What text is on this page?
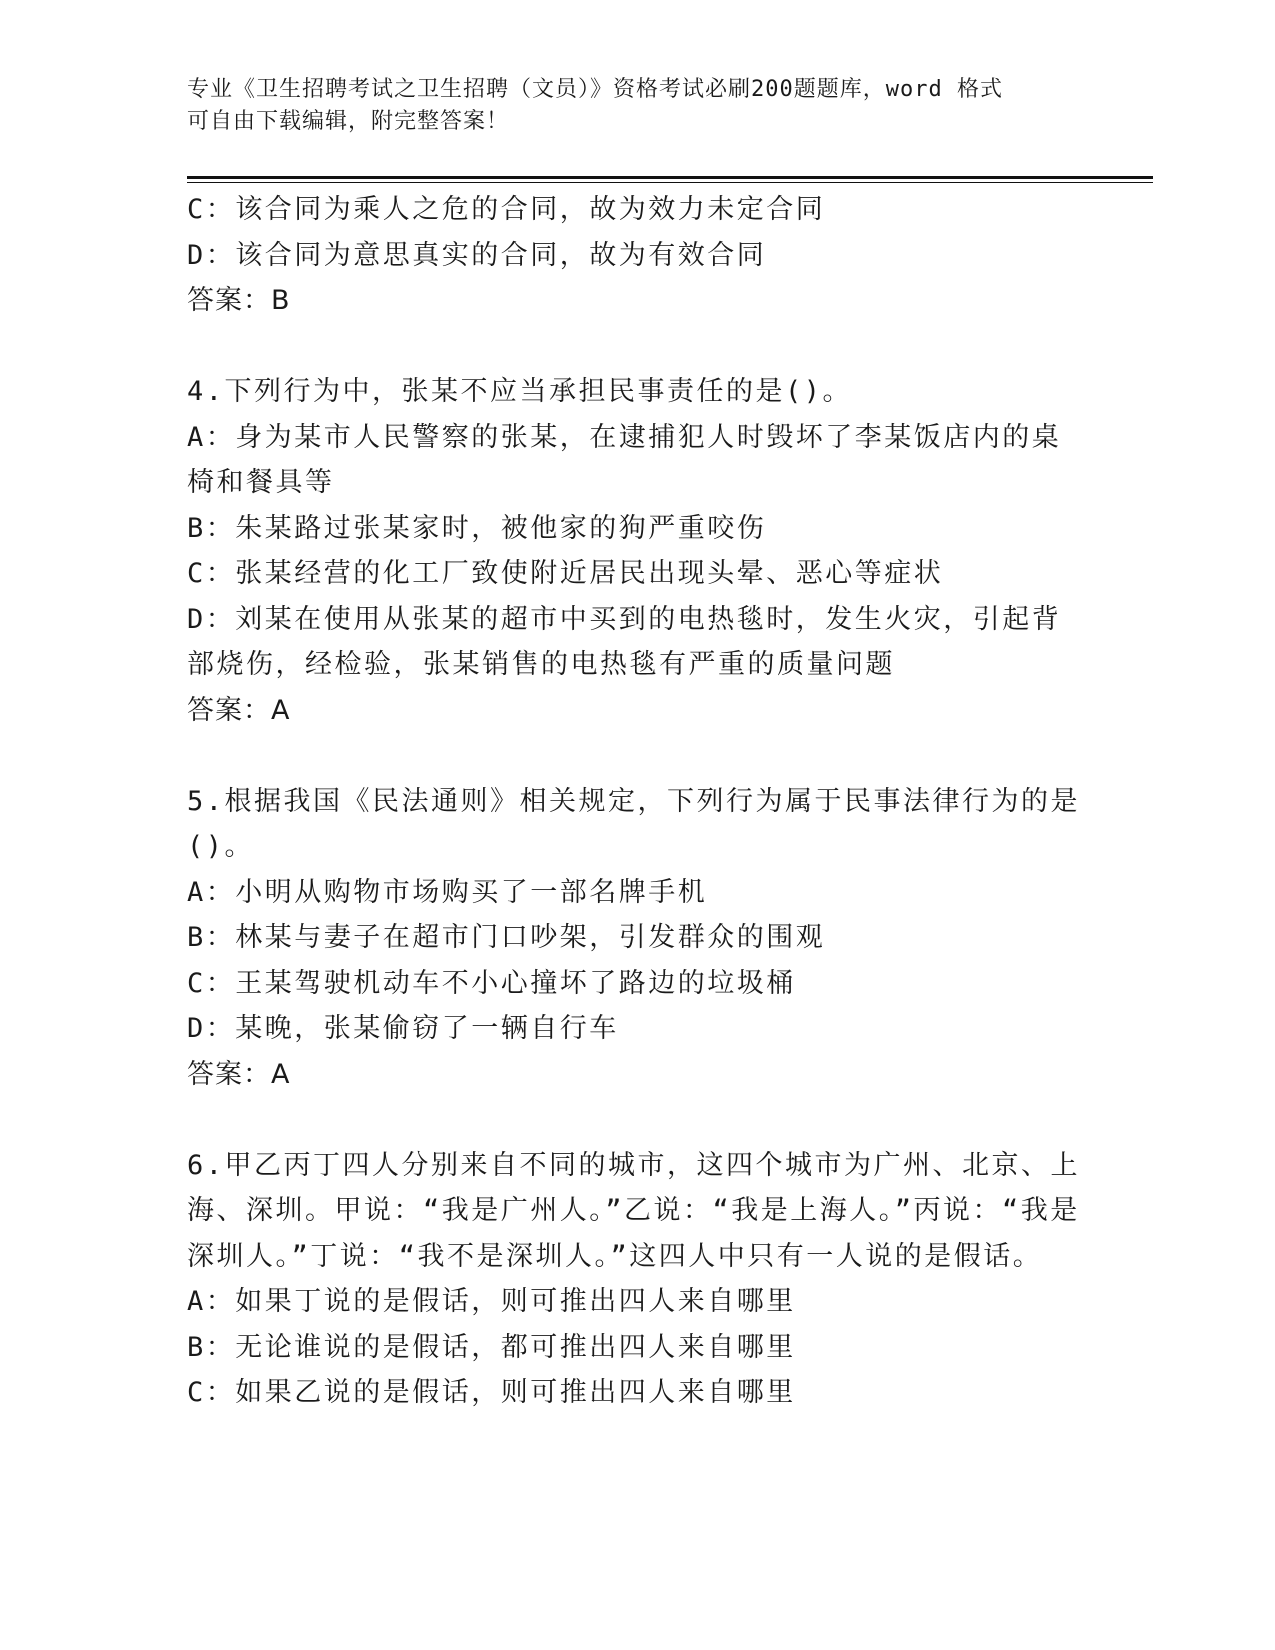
专业《卫生招聘考试之卫生招聘（文员）》资格考试必刷200题题库，word 格式
可自由下载编辑，附完整答案！

C：该合同为乘人之危的合同，故为效力未定合同

D：该合同为意思真实的合同，故为有效合同

答案：B

4.下列行为中，张某不应当承担民事责任的是()。

A：身为某市人民警察的张某，在逮捕犯人时毁坏了李某饭店内的桌椅和餐具等

B：朱某路过张某家时，被他家的狗严重咬伤

C：张某经营的化工厂致使附近居民出现头晕、恶心等症状

D：刘某在使用从张某的超市中买到的电热毯时，发生火灾，引起背部烧伤，经检验，张某销售的电热毯有严重的质量问题

答案：A

5.根据我国《民法通则》相关规定，下列行为属于民事法律行为的是()。

A：小明从购物市场购买了一部名牌手机

B：林某与妻子在超市门口吵架，引发群众的围观

C：王某驾驶机动车不小心撞坏了路边的垃圾桶

D：某晚，张某偷窃了一辆自行车

答案：A

6.甲乙丙丁四人分别来自不同的城市，这四个城市为广州、北京、上海、深圳。甲说：“我是广州人。”乙说：“我是上海人。”丙说：“我是深圳人。”丁说：“我不是深圳人。”这四人中只有一人说的是假话。

A：如果丁说的是假话，则可推出四人来自哪里

B：无论谁说的是假话，都可推出四人来自哪里

C：如果乙说的是假话，则可推出四人来自哪里
